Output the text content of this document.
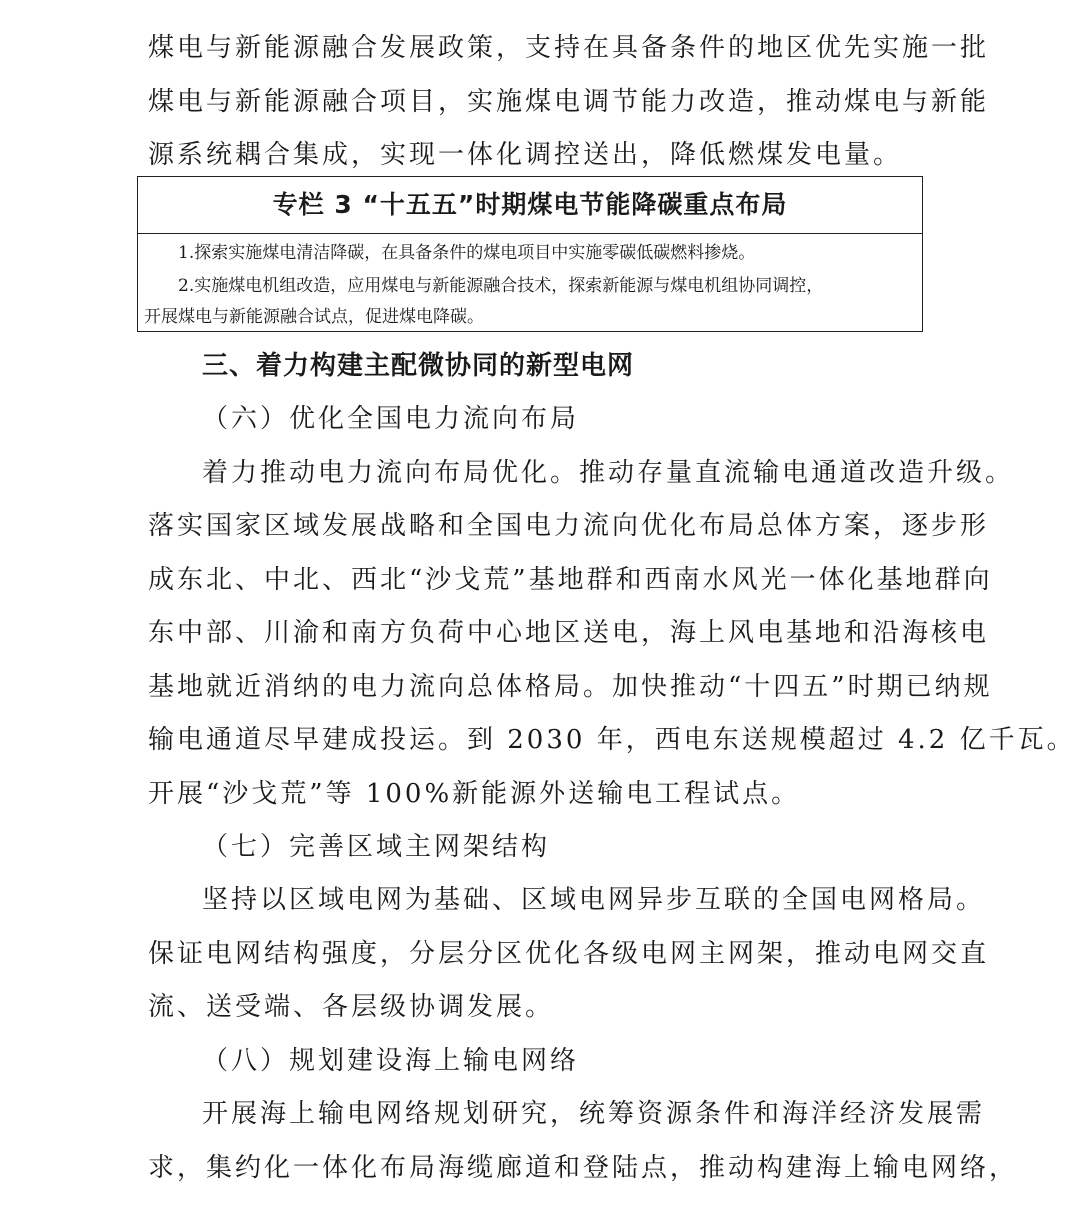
煤电与新能源融合发展政策，支持在具备条件的地区优先实施一批
煤电与新能源融合项目，实施煤电调节能力改造，推动煤电与新能
源系统耦合集成，实现一体化调控送出，降低燃煤发电量。
专栏 3 “十五五”时期煤电节能降碳重点布局
1.探索实施煤电清洁降碳，在具备条件的煤电项目中实施零碳低碳燃料掺烧。
2.实施煤电机组改造，应用煤电与新能源融合技术，探索新能源与煤电机组协同调控，
开展煤电与新能源融合试点，促进煤电降碳。
三、着力构建主配微协同的新型电网
（六）优化全国电力流向布局
着力推动电力流向布局优化。推动存量直流输电通道改造升级。
落实国家区域发展战略和全国电力流向优化布局总体方案，逐步形
成东北、中北、西北“沙戈荒”基地群和西南水风光一体化基地群向
东中部、川渝和南方负荷中心地区送电，海上风电基地和沿海核电
基地就近消纳的电力流向总体格局。加快推动“十四五”时期已纳规
输电通道尽早建成投运。到 2030 年，西电东送规模超过 4.2 亿千瓦。
开展“沙戈荒”等 100%新能源外送输电工程试点。
（七）完善区域主网架结构
坚持以区域电网为基础、区域电网异步互联的全国电网格局。
保证电网结构强度，分层分区优化各级电网主网架，推动电网交直
流、送受端、各层级协调发展。
（八）规划建设海上输电网络
开展海上输电网络规划研究，统筹资源条件和海洋经济发展需
求，集约化一体化布局海缆廊道和登陆点，推动构建海上输电网络，
